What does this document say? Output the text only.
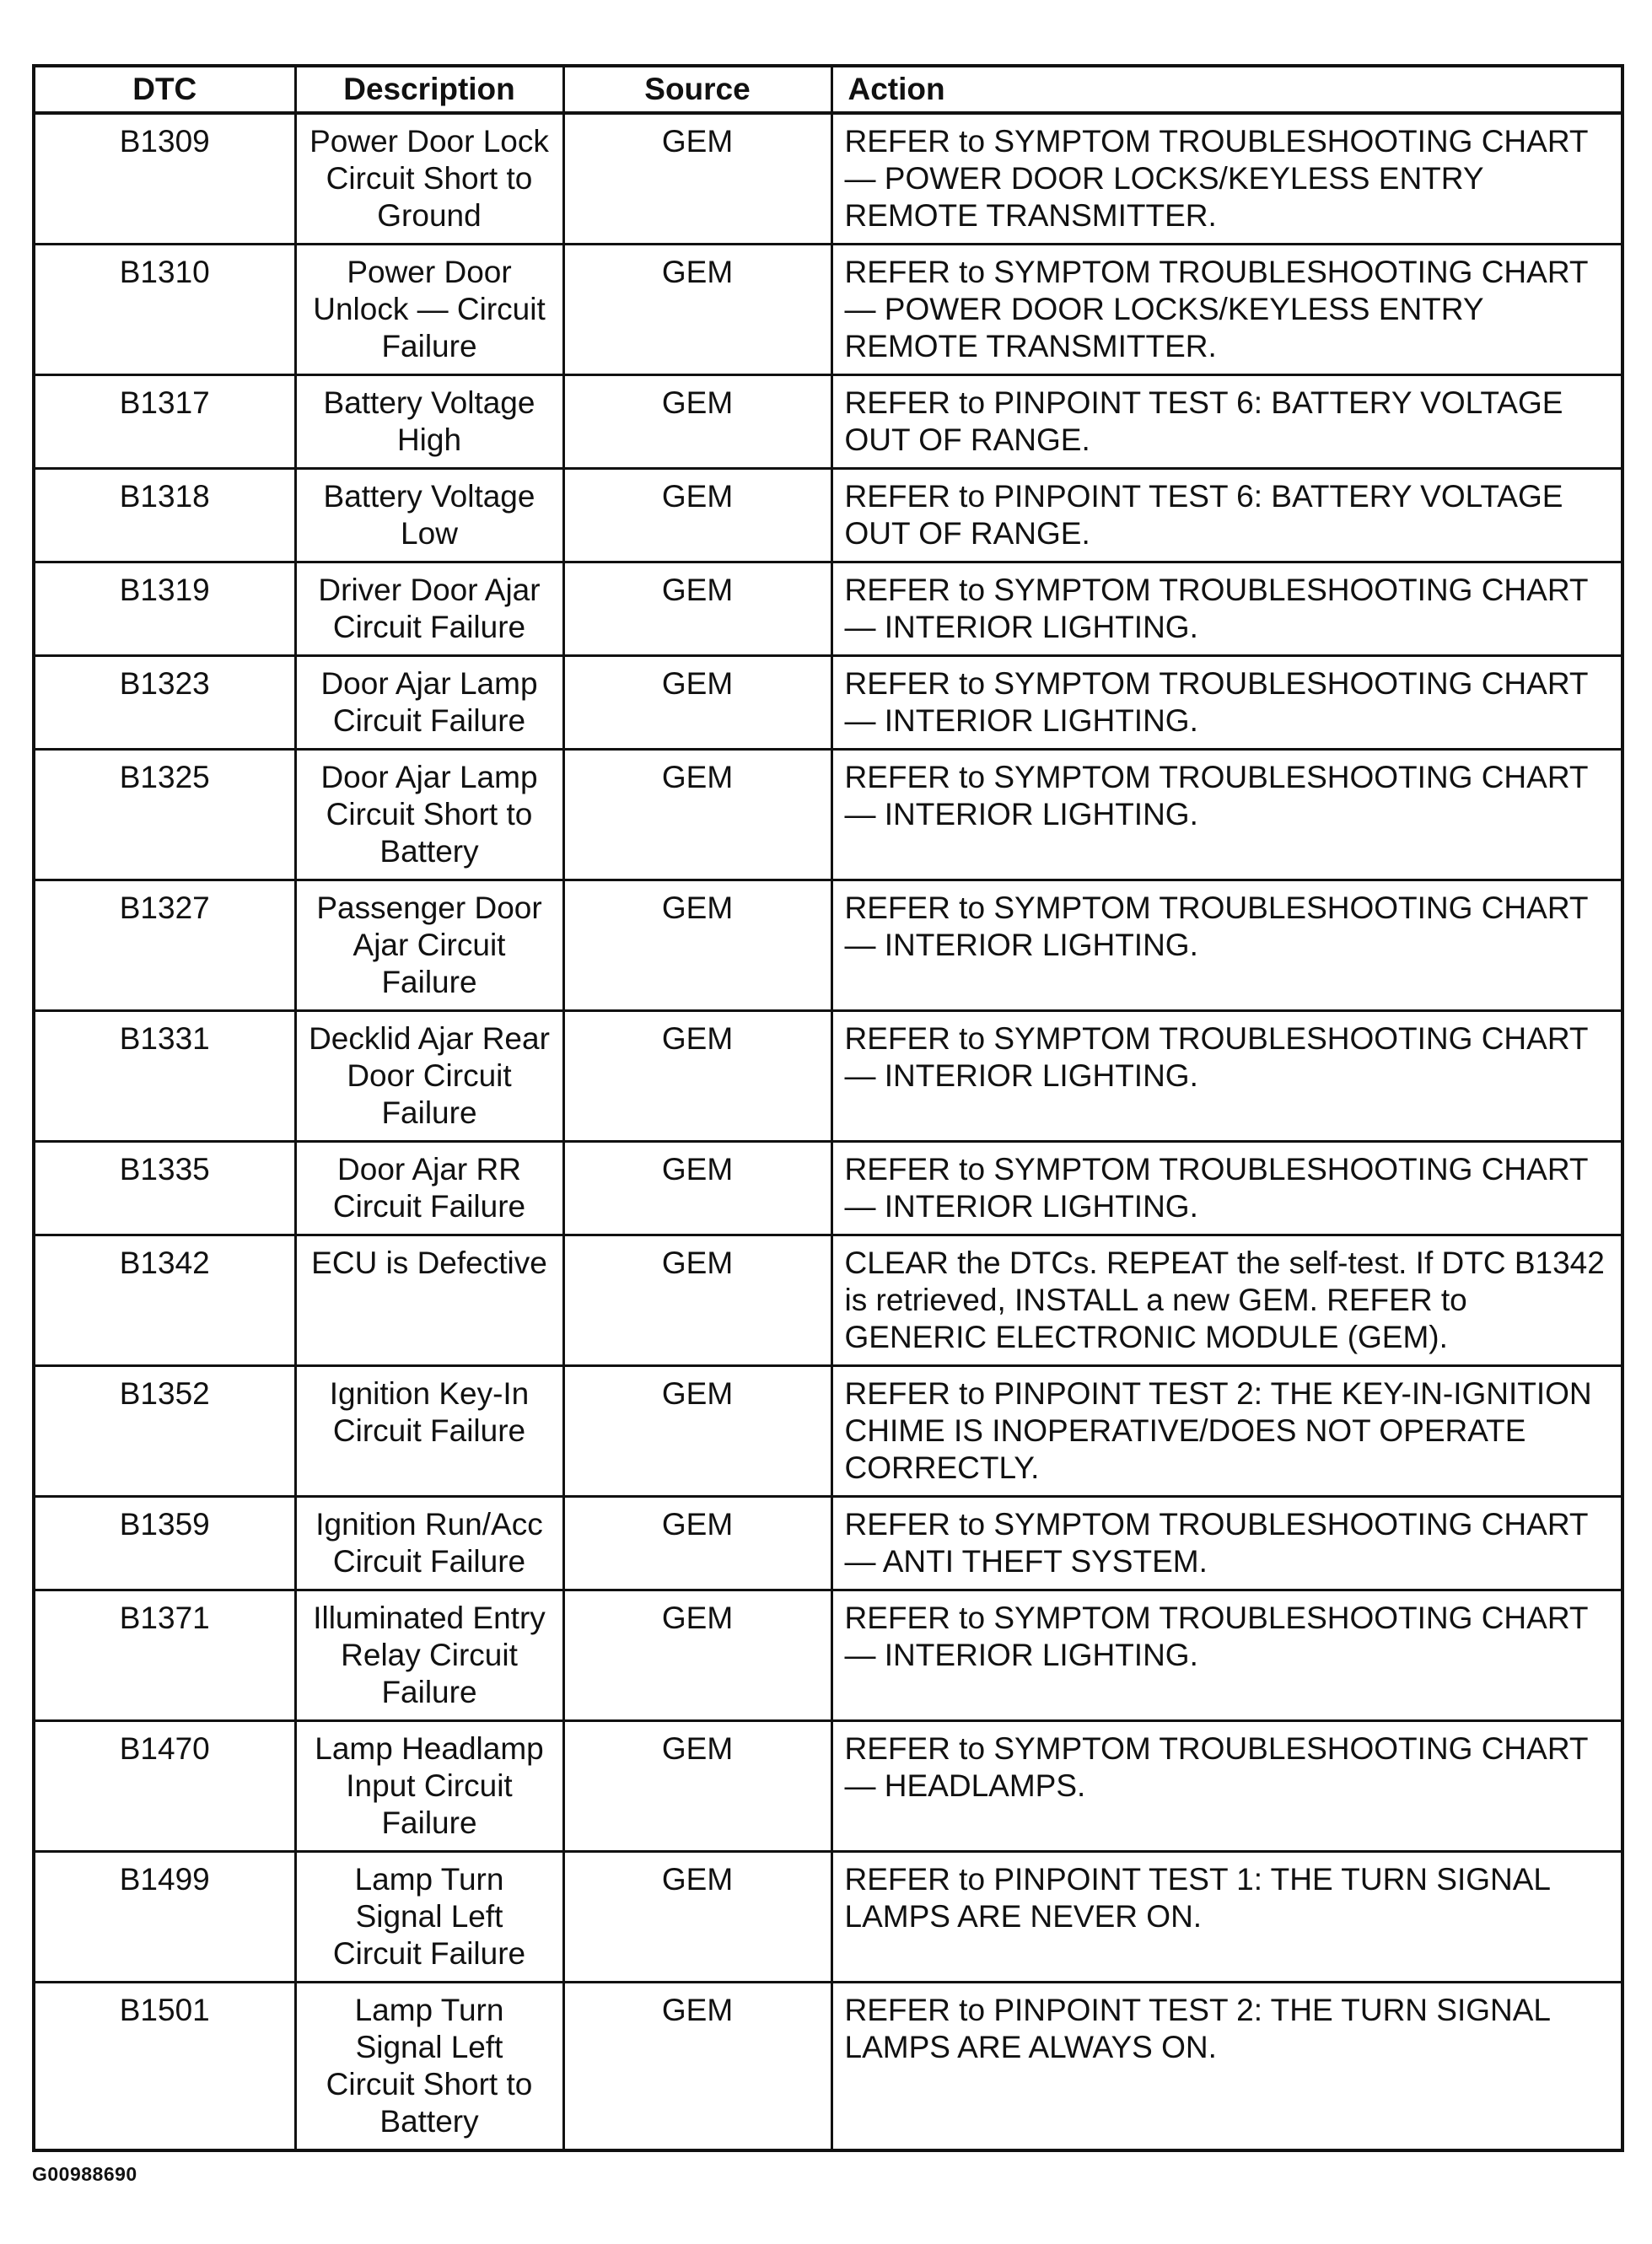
DTC	Description	Source	Action
B1309	Power Door Lock Circuit Short to Ground	GEM	REFER to SYMPTOM TROUBLESHOOTING CHART — POWER DOOR LOCKS/KEYLESS ENTRY REMOTE TRANSMITTER.
B1310	Power Door Unlock — Circuit Failure	GEM	REFER to SYMPTOM TROUBLESHOOTING CHART — POWER DOOR LOCKS/KEYLESS ENTRY REMOTE TRANSMITTER.
B1317	Battery Voltage High	GEM	REFER to PINPOINT TEST 6: BATTERY VOLTAGE OUT OF RANGE.
B1318	Battery Voltage Low	GEM	REFER to PINPOINT TEST 6: BATTERY VOLTAGE OUT OF RANGE.
B1319	Driver Door Ajar Circuit Failure	GEM	REFER to SYMPTOM TROUBLESHOOTING CHART — INTERIOR LIGHTING.
B1323	Door Ajar Lamp Circuit Failure	GEM	REFER to SYMPTOM TROUBLESHOOTING CHART — INTERIOR LIGHTING.
B1325	Door Ajar Lamp Circuit Short to Battery	GEM	REFER to SYMPTOM TROUBLESHOOTING CHART — INTERIOR LIGHTING.
B1327	Passenger Door Ajar Circuit Failure	GEM	REFER to SYMPTOM TROUBLESHOOTING CHART — INTERIOR LIGHTING.
B1331	Decklid Ajar Rear Door Circuit Failure	GEM	REFER to SYMPTOM TROUBLESHOOTING CHART — INTERIOR LIGHTING.
B1335	Door Ajar RR Circuit Failure	GEM	REFER to SYMPTOM TROUBLESHOOTING CHART — INTERIOR LIGHTING.
B1342	ECU is Defective	GEM	CLEAR the DTCs. REPEAT the self-test. If DTC B1342 is retrieved, INSTALL a new GEM. REFER to GENERIC ELECTRONIC MODULE (GEM).
B1352	Ignition Key-In Circuit Failure	GEM	REFER to PINPOINT TEST 2: THE KEY-IN-IGNITION CHIME IS INOPERATIVE/DOES NOT OPERATE CORRECTLY.
B1359	Ignition Run/Acc Circuit Failure	GEM	REFER to SYMPTOM TROUBLESHOOTING CHART — ANTI THEFT SYSTEM.
B1371	Illuminated Entry Relay Circuit Failure	GEM	REFER to SYMPTOM TROUBLESHOOTING CHART — INTERIOR LIGHTING.
B1470	Lamp Headlamp Input Circuit Failure	GEM	REFER to SYMPTOM TROUBLESHOOTING CHART — HEADLAMPS.
B1499	Lamp Turn Signal Left Circuit Failure	GEM	REFER to PINPOINT TEST 1: THE TURN SIGNAL LAMPS ARE NEVER ON.
B1501	Lamp Turn Signal Left Circuit Short to Battery	GEM	REFER to PINPOINT TEST 2: THE TURN SIGNAL LAMPS ARE ALWAYS ON.
G00988690
